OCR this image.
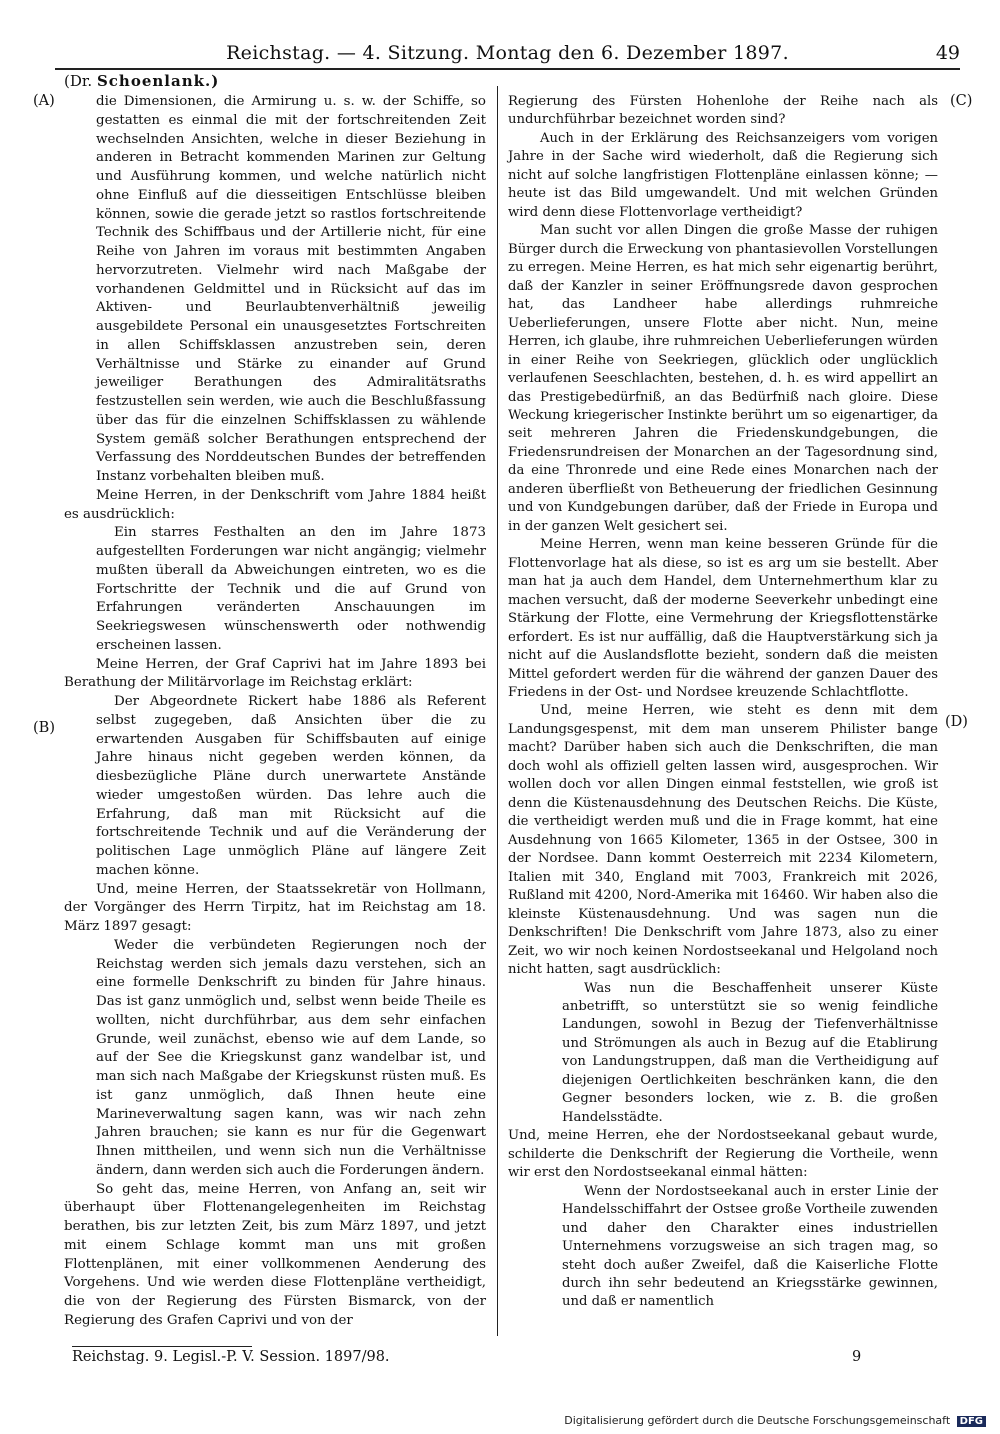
Reichstag. — 4. Sitzung. Montag den 6. Dezember 1897.	49
(Dr. Schoenlank.)
(A)
(B)
(C)
(D)

die Dimensionen, die Armirung u. s. w. der Schiffe, so gestatten es einmal die mit der fortschreitenden Zeit wechselnden Ansichten, welche in dieser Beziehung in anderen in Betracht kommenden Marinen zur Geltung und Ausführung kommen, und welche natürlich nicht ohne Einfluß auf die diesseitigen Entschlüsse bleiben können, sowie die gerade jetzt so rastlos fortschreitende Technik des Schiffbaus und der Artillerie nicht, für eine Reihe von Jahren im voraus mit bestimmten Angaben hervorzutreten. Vielmehr wird nach Maßgabe der vorhandenen Geldmittel und in Rücksicht auf das im Aktiven- und Beurlaubtenverhältniß jeweilig ausgebildete Personal ein unausgesetztes Fortschreiten in allen Schiffsklassen anzustreben sein, deren Verhältnisse und Stärke zu einander auf Grund jeweiliger Berathungen des Admiralitätsraths festzustellen sein werden, wie auch die Beschlußfassung über das für die einzelnen Schiffsklassen zu wählende System gemäß solcher Berathungen entsprechend der Verfassung des Norddeutschen Bundes der betreffenden Instanz vorbehalten bleiben muß.

Meine Herren, in der Denkschrift vom Jahre 1884 heißt es ausdrücklich:

Ein starres Festhalten an den im Jahre 1873 aufgestellten Forderungen war nicht angängig; vielmehr mußten überall da Abweichungen eintreten, wo es die Fortschritte der Technik und die auf Grund von Erfahrungen veränderten Anschauungen im Seekriegswesen wünschenswerth oder nothwendig erscheinen lassen.

Meine Herren, der Graf Caprivi hat im Jahre 1893 bei Berathung der Militärvorlage im Reichstag erklärt:

Der Abgeordnete Rickert habe 1886 als Referent selbst zugegeben, daß Ansichten über die zu erwartenden Ausgaben für Schiffsbauten auf einige Jahre hinaus nicht gegeben werden können, da diesbezügliche Pläne durch unerwartete Anstände wieder umgestoßen würden. Das lehre auch die Erfahrung, daß man mit Rücksicht auf die fortschreitende Technik und auf die Veränderung der politischen Lage unmöglich Pläne auf längere Zeit machen könne.

Und, meine Herren, der Staatssekretär von Hollmann, der Vorgänger des Herrn Tirpitz, hat im Reichstag am 18. März 1897 gesagt:

Weder die verbündeten Regierungen noch der Reichstag werden sich jemals dazu verstehen, sich an eine formelle Denkschrift zu binden für Jahre hinaus. Das ist ganz unmöglich und, selbst wenn beide Theile es wollten, nicht durchführbar, aus dem sehr einfachen Grunde, weil zunächst, ebenso wie auf dem Lande, so auf der See die Kriegskunst ganz wandelbar ist, und man sich nach Maßgabe der Kriegskunst rüsten muß. Es ist ganz unmöglich, daß Ihnen heute eine Marineverwaltung sagen kann, was wir nach zehn Jahren brauchen; sie kann es nur für die Gegenwart Ihnen mittheilen, und wenn sich nun die Verhältnisse ändern, dann werden sich auch die Forderungen ändern.

So geht das, meine Herren, von Anfang an, seit wir überhaupt über Flottenangelegenheiten im Reichstag berathen, bis zur letzten Zeit, bis zum März 1897, und jetzt mit einem Schlage kommt man uns mit großen Flottenplänen, mit einer vollkommenen Aenderung des Vorgehens. Und wie werden diese Flottenpläne vertheidigt, die von der Regierung des Fürsten Bismarck, von der Regierung des Grafen Caprivi und von der

Regierung des Fürsten Hohenlohe der Reihe nach als undurchführbar bezeichnet worden sind?

Auch in der Erklärung des Reichsanzeigers vom vorigen Jahre in der Sache wird wiederholt, daß die Regierung sich nicht auf solche langfristigen Flottenpläne einlassen könne; — heute ist das Bild umgewandelt. Und mit welchen Gründen wird denn diese Flottenvorlage vertheidigt?

Man sucht vor allen Dingen die große Masse der ruhigen Bürger durch die Erweckung von phantasievollen Vorstellungen zu erregen. Meine Herren, es hat mich sehr eigenartig berührt, daß der Kanzler in seiner Eröffnungsrede davon gesprochen hat, das Landheer habe allerdings ruhmreiche Ueberlieferungen, unsere Flotte aber nicht. Nun, meine Herren, ich glaube, ihre ruhmreichen Ueberlieferungen würden in einer Reihe von Seekriegen, glücklich oder unglücklich verlaufenen Seeschlachten, bestehen, d. h. es wird appellirt an das Prestigebedürfniß, an das Bedürfniß nach gloire. Diese Weckung kriegerischer Instinkte berührt um so eigenartiger, da seit mehreren Jahren die Friedenskundgebungen, die Friedensrundreisen der Monarchen an der Tagesordnung sind, da eine Thronrede und eine Rede eines Monarchen nach der anderen überfließt von Betheuerung der friedlichen Gesinnung und von Kundgebungen darüber, daß der Friede in Europa und in der ganzen Welt gesichert sei.

Meine Herren, wenn man keine besseren Gründe für die Flottenvorlage hat als diese, so ist es arg um sie bestellt. Aber man hat ja auch dem Handel, dem Unternehmerthum klar zu machen versucht, daß der moderne Seeverkehr unbedingt eine Stärkung der Flotte, eine Vermehrung der Kriegsflottenstärke erfordert. Es ist nur auffällig, daß die Hauptverstärkung sich ja nicht auf die Auslandsflotte bezieht, sondern daß die meisten Mittel gefordert werden für die während der ganzen Dauer des Friedens in der Ost- und Nordsee kreuzende Schlachtflotte.

Und, meine Herren, wie steht es denn mit dem Landungsgespenst, mit dem man unserem Philister bange macht? Darüber haben sich auch die Denkschriften, die man doch wohl als offiziell gelten lassen wird, ausgesprochen. Wir wollen doch vor allen Dingen einmal feststellen, wie groß ist denn die Küstenausdehnung des Deutschen Reichs. Die Küste, die vertheidigt werden muß und die in Frage kommt, hat eine Ausdehnung von 1665 Kilometer, 1365 in der Ostsee, 300 in der Nordsee. Dann kommt Oesterreich mit 2234 Kilometern, Italien mit 340, England mit 7003, Frankreich mit 2026, Rußland mit 4200, Nord-Amerika mit 16460. Wir haben also die kleinste Küstenausdehnung. Und was sagen nun die Denkschriften! Die Denkschrift vom Jahre 1873, also zu einer Zeit, wo wir noch keinen Nordostseekanal und Helgoland noch nicht hatten, sagt ausdrücklich:

Was nun die Beschaffenheit unserer Küste anbetrifft, so unterstützt sie so wenig feindliche Landungen, sowohl in Bezug der Tiefenverhältnisse und Strömungen als auch in Bezug auf die Etablirung von Landungstruppen, daß man die Vertheidigung auf diejenigen Oertlichkeiten beschränken kann, die den Gegner besonders locken, wie z. B. die großen Handelsstädte.

Und, meine Herren, ehe der Nordostseekanal gebaut wurde, schilderte die Denkschrift der Regierung die Vortheile, wenn wir erst den Nordostseekanal einmal hätten:

Wenn der Nordostseekanal auch in erster Linie der Handelsschiffahrt der Ostsee große Vortheile zuwenden und daher den Charakter eines industriellen Unternehmens vorzugsweise an sich tragen mag, so steht doch außer Zweifel, daß die Kaiserliche Flotte durch ihn sehr bedeutend an Kriegsstärke gewinnen, und daß er namentlich

Reichstag. 9. Legisl.-P. V. Session. 1897/98.	9
Digitalisierung gefördert durch die Deutsche Forschungsgemeinschaft DFG
